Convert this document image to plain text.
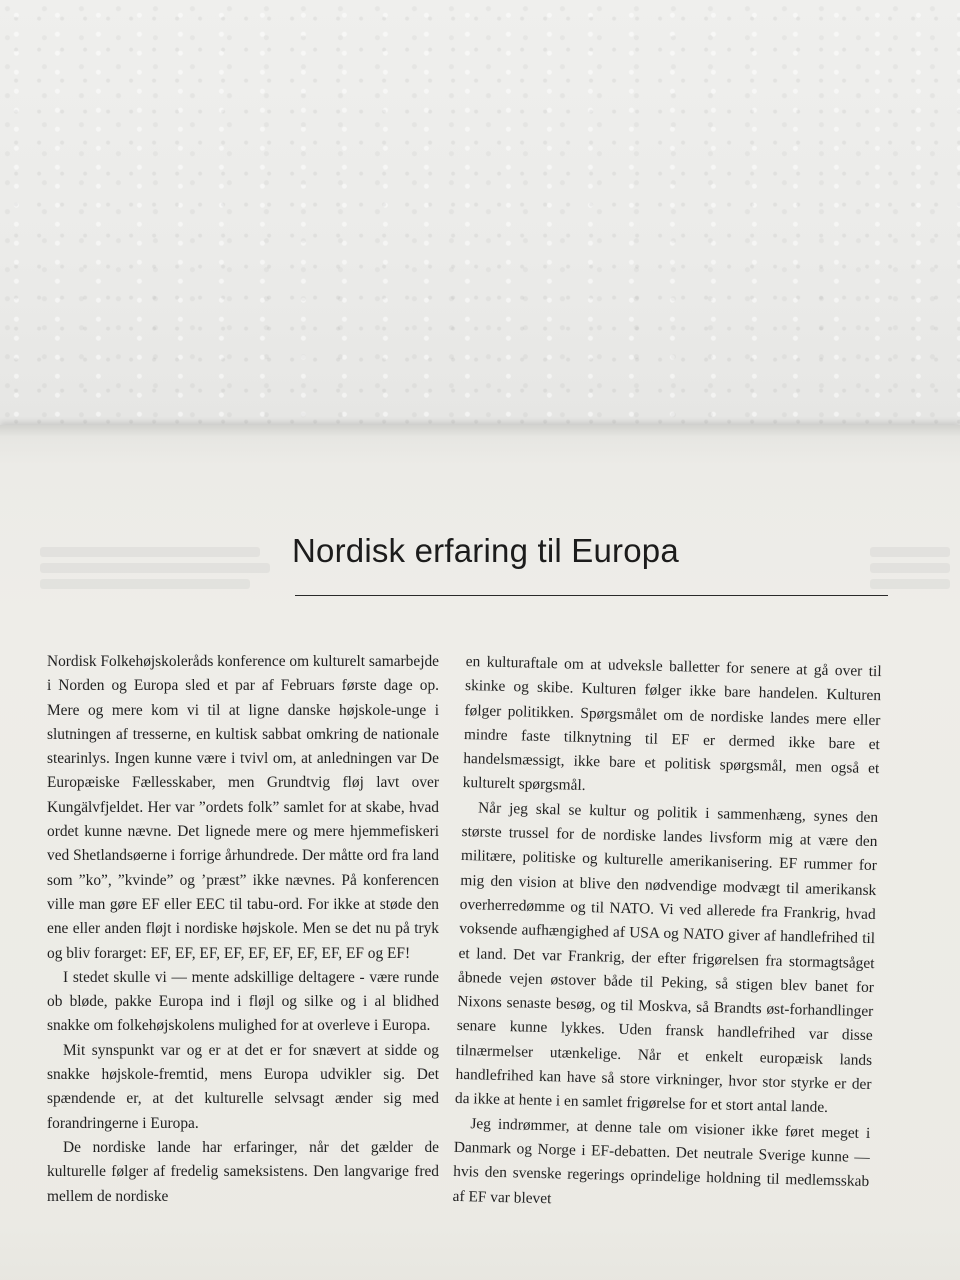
Nordisk erfaring til Europa

Nordisk Folkehøjskoleråds konference om kulturelt samarbejde i Norden og Europa sled et par af Februars første dage op. Mere og mere kom vi til at ligne danske højskole-unge i slutningen af tresserne, en kultisk sabbat omkring de nationale stearinlys. Ingen kunne være i tvivl om, at anledningen var De Europæiske Fællesskaber, men Grundtvig fløj lavt over Kungälvfjeldet. Her var ”ordets folk” samlet for at skabe, hvad ordet kunne nævne. Det lignede mere og mere hjemmefiskeri ved Shetlandsøerne i forrige århundrede. Der måtte ord fra land som ”ko”, ”kvinde” og ’præst” ikke nævnes. På konferencen ville man gøre EF eller EEC til tabu-ord. For ikke at støde den ene eller anden fløjt i nordiske højskole. Men se det nu på tryk og bliv forarget: EF, EF, EF, EF, EF, EF, EF, EF, EF og EF!

I stedet skulle vi — mente adskillige deltagere - være runde ob bløde, pakke Europa ind i fløjl og silke og i al blidhed snakke om folkehøjskolens mulighed for at overleve i Europa.

Mit synspunkt var og er at det er for snævert at sidde og snakke højskole-fremtid, mens Europa udvikler sig. Det spændende er, at det kulturelle selvsagt ænder sig med forandringerne i Europa.

De nordiske lande har erfaringer, når det gælder de kulturelle følger af fredelig sameksistens. Den langvarige fred mellem de nordiske

en kulturaftale om at udveksle balletter for senere at gå over til skinke og skibe. Kulturen følger ikke bare handelen. Kulturen følger politikken. Spørgsmålet om de nordiske landes mere eller mindre faste tilknytning til EF er dermed ikke bare et handelsmæssigt, ikke bare et politisk spørgsmål, men også et kulturelt spørgsmål.

Når jeg skal se kultur og politik i sammenhæng, synes den største trussel for de nordiske landes livsform mig at være den militære, politiske og kulturelle amerikanisering. EF rummer for mig den vision at blive den nødvendige modvægt til amerikansk overherredømme og til NATO. Vi ved allerede fra Frankrig, hvad voksende aufhængighed af USA og NATO giver af handlefrihed til et land. Det var Frankrig, der efter frigørelsen fra stormagtsåget åbnede vejen østover både til Peking, så stigen blev banet for Nixons senaste besøg, og til Moskva, så Brandts øst-forhandlinger senare kunne lykkes. Uden fransk handlefrihed var disse tilnærmelser utænkelige. Når et enkelt europæisk lands handlefrihed kan have så store virkninger, hvor stor styrke er der da ikke at hente i en samlet frigørelse for et stort antal lande.

Jeg indrømmer, at denne tale om visioner ikke føret meget i Danmark og Norge i EF-debatten. Det neutrale Sverige kunne — hvis den svenske regerings oprindelige holdning til medlemsskab af EF var blevet
